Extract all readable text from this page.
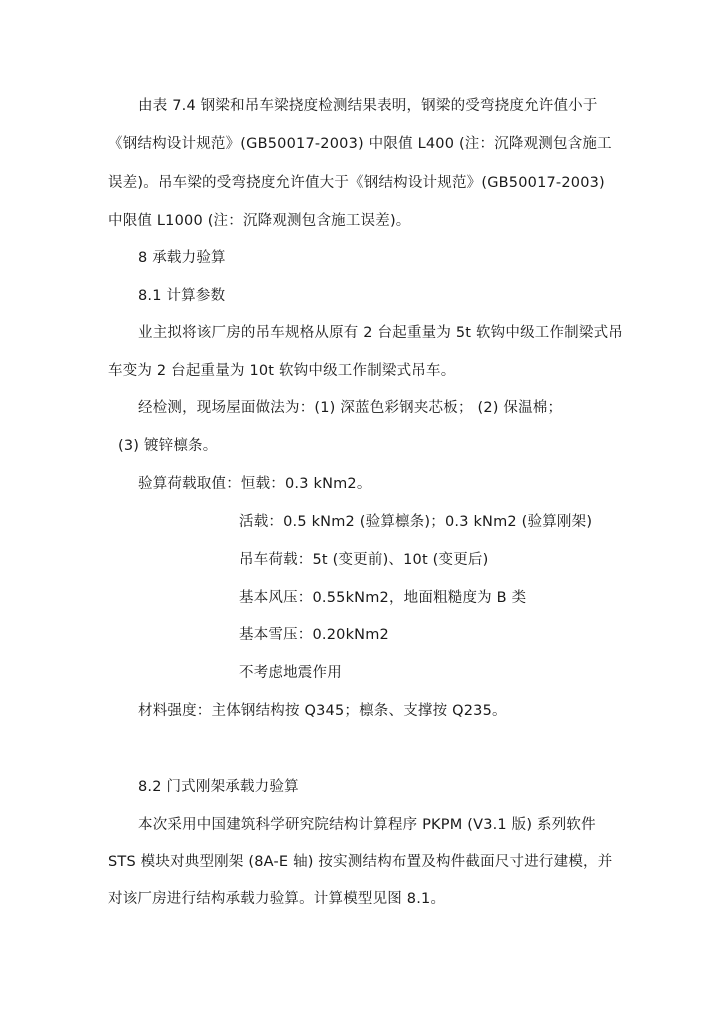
由表 7.4 钢梁和吊车梁挠度检测结果表明，钢梁的受弯挠度允许值小于
《钢结构设计规范》(GB50017-2003) 中限值 L400 (注：沉降观测包含施工
误差)。吊车梁的受弯挠度允许值大于《钢结构设计规范》(GB50017-2003)
中限值 L1000 (注：沉降观测包含施工误差)。
8 承载力验算
8.1 计算参数
业主拟将该厂房的吊车规格从原有 2 台起重量为 5t 软钩中级工作制梁式吊
车变为 2 台起重量为 10t 软钩中级工作制梁式吊车。
经检测，现场屋面做法为：(1) 深蓝色彩钢夹芯板； (2) 保温棉；
(3) 镀锌檩条。
验算荷载取值：恒载：0.3 kNm2。
活载：0.5 kNm2 (验算檩条)；0.3 kNm2 (验算刚架)
吊车荷载：5t (变更前)、10t (变更后)
基本风压：0.55kNm2，地面粗糙度为 B 类
基本雪压：0.20kNm2
不考虑地震作用
材料强度：主体钢结构按 Q345；檩条、支撑按 Q235。
8.2 门式刚架承载力验算
本次采用中国建筑科学研究院结构计算程序 PKPM (V3.1 版) 系列软件
STS 模块对典型刚架 (8A-E 轴) 按实测结构布置及构件截面尺寸进行建模，并
对该厂房进行结构承载力验算。计算模型见图 8.1。
